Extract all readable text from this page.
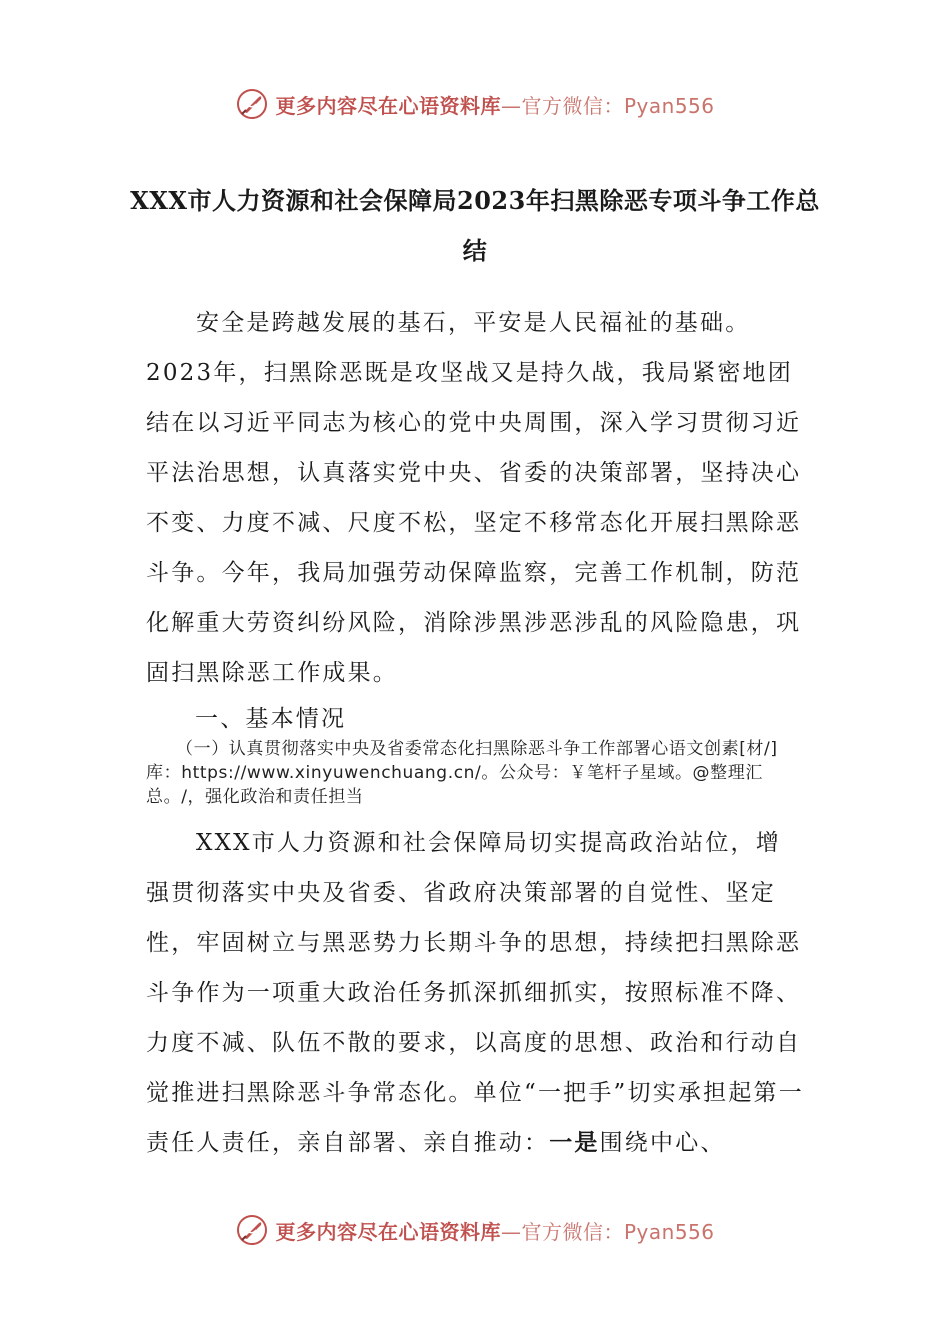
更多内容尽在心语资料库—官方微信：Pyan556
XXX市人力资源和社会保障局2023年扫黑除恶专项斗争工作总结

安全是跨越发展的基石，平安是人民福祉的基础。2023年，扫黑除恶既是攻坚战又是持久战，我局紧密地团结在以习近平同志为核心的党中央周围，深入学习贯彻习近平法治思想，认真落实党中央、省委的决策部署，坚持决心不变、力度不减、尺度不松，坚定不移常态化开展扫黑除恶斗争。今年，我局加强劳动保障监察，完善工作机制，防范化解重大劳资纠纷风险，消除涉黑涉恶涉乱的风险隐患，巩固扫黑除恶工作成果。

一、基本情况

（一）认真贯彻落实中央及省委常态化扫黑除恶斗争工作部署心语文创素[材/]库：https://www.xinyuwenchuang.cn/。公众号：￥笔杆子星域。@整理汇总。/，强化政治和责任担当

XXX市人力资源和社会保障局切实提高政治站位，增强贯彻落实中央及省委、省政府决策部署的自觉性、坚定性，牢固树立与黑恶势力长期斗争的思想，持续把扫黑除恶斗争作为一项重大政治任务抓深抓细抓实，按照标准不降、力度不减、队伍不散的要求，以高度的思想、政治和行动自觉推进扫黑除恶斗争常态化。单位“一把手”切实承担起第一责任人责任，亲自部署、亲自推动：一是围绕中心、

更多内容尽在心语资料库—官方微信：Pyan556
